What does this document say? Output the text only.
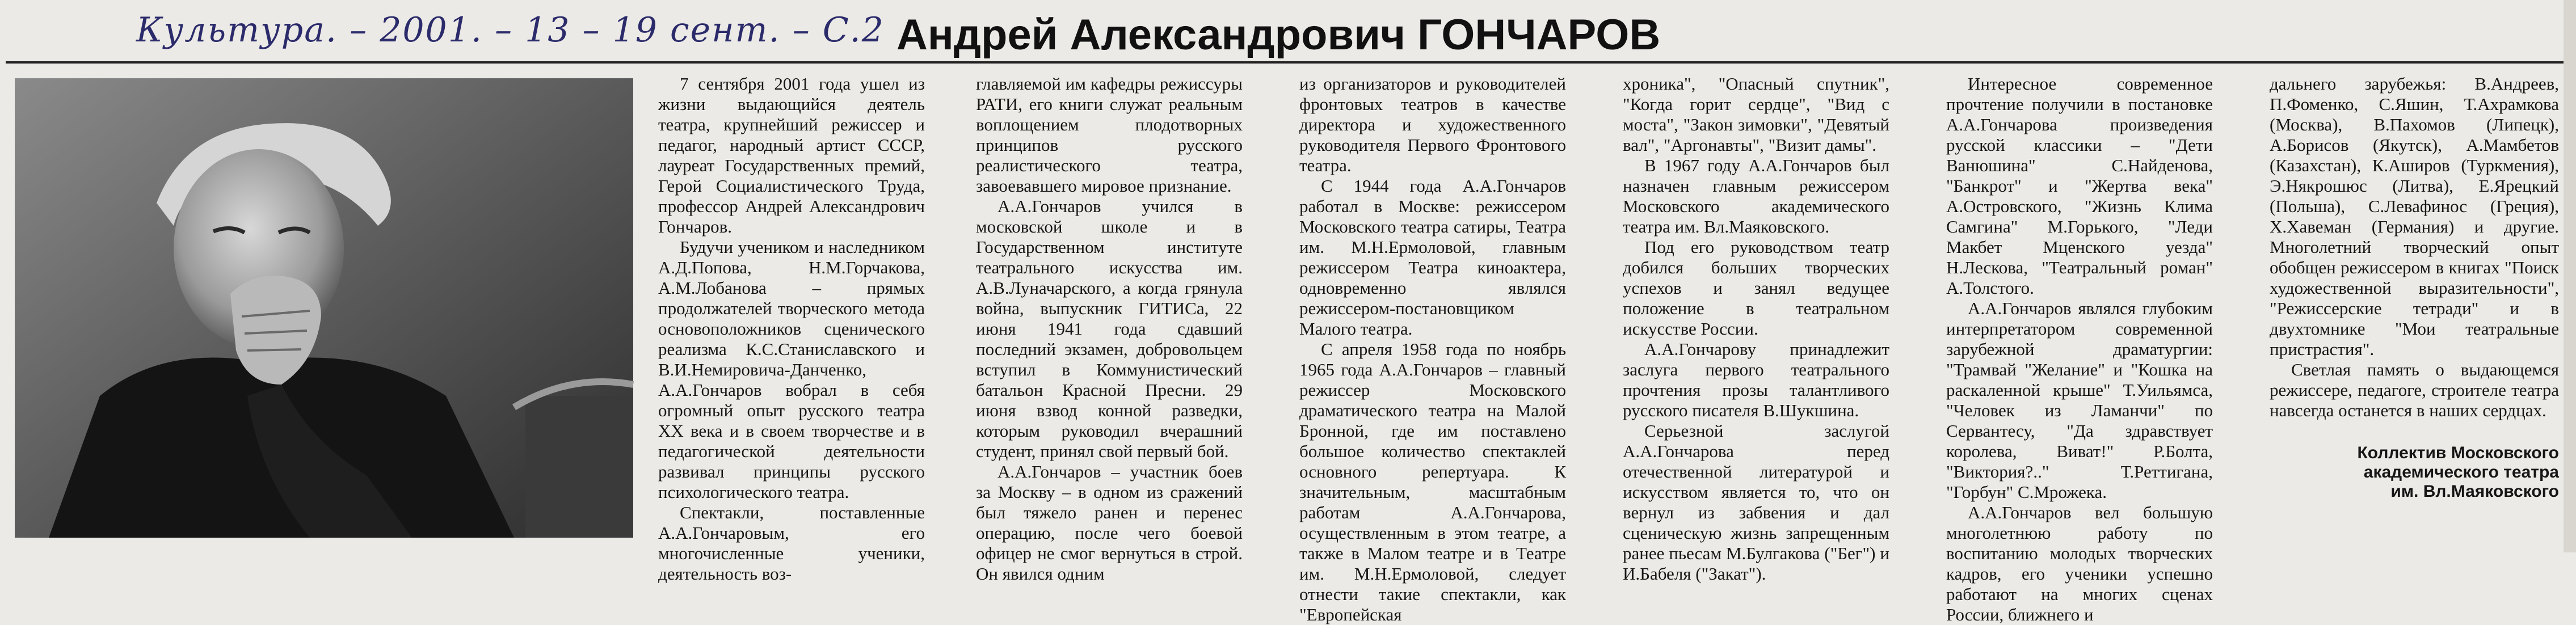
Культура. – 2001. – 13 – 19 сент. – С.2 Андрей Александрович ГОНЧАРОВ

7 сентября 2001 года ушел из жизни выдающийся деятель театра, крупнейший режиссер и педагог, народный артист СССР, лауреат Государственных премий, Герой Социалистического Труда, профессор Андрей Александрович Гончаров.

Будучи учеником и наследником А.Д.Попова, Н.М.Горчакова, А.М.Лобанова – прямых продолжателей творческого метода основоположников сценического реализма К.С.Станиславского и В.И.Немировича-Данченко, А.А.Гончаров вобрал в себя огромный опыт русского театра XX века и в своем творчестве и в педагогической деятельности развивал принципы русского психологического театра.

Спектакли, поставленные А.А.Гончаровым, его многочисленные ученики, деятельность воз-

главляемой им кафедры режиссуры РАТИ, его книги служат реальным воплощением плодотворных принципов русского реалистического театра, завоевавшего мировое признание.

А.А.Гончаров учился в московской школе и в Государственном институте театрального искусства им. А.В.Луначарского, а когда грянула война, выпускник ГИТИСа, 22 июня 1941 года сдавший последний экзамен, добровольцем вступил в Коммунистический батальон Красной Пресни. 29 июня взвод конной разведки, которым руководил вчерашний студент, принял свой первый бой.

А.А.Гончаров – участник боев за Москву – в одном из сражений был тяжело ранен и перенес операцию, после чего боевой офицер не смог вернуться в строй. Он явился одним

из организаторов и руководителей фронтовых театров в качестве директора и художественного руководителя Первого Фронтового театра.

С 1944 года А.А.Гончаров работал в Москве: режиссером Московского театра сатиры, Театра им. М.Н.Ермоловой, главным режиссером Театра киноактера, одновременно являлся режиссером-постановщиком Малого театра.

С апреля 1958 года по ноябрь 1965 года А.А.Гончаров – главный режиссер Московского драматического театра на Малой Бронной, где им поставлено большое количество спектаклей основного репертуара. К значительным, масштабным работам А.А.Гончарова, осуществленным в этом театре, а также в Малом театре и в Театре им. М.Н.Ермоловой, следует отнести такие спектакли, как "Европейская

хроника", "Опасный спутник", "Когда горит сердце", "Вид с моста", "Закон зимовки", "Девятый вал", "Аргонавты", "Визит дамы".

В 1967 году А.А.Гончаров был назначен главным режиссером Московского академического театра им. Вл.Маяковского.

Под его руководством театр добился больших творческих успехов и занял ведущее положение в театральном искусстве России.

А.А.Гончарову принадлежит заслуга первого театрального прочтения прозы талантливого русского писателя В.Шукшина.

Серьезной заслугой А.А.Гончарова перед отечественной литературой и искусством является то, что он вернул из забвения и дал сценическую жизнь запрещенным ранее пьесам М.Булгакова ("Бег") и И.Бабеля ("Закат").

Интересное современное прочтение получили в постановке А.А.Гончарова произведения русской классики – "Дети Ванюшина" С.Найденова, "Банкрот" и "Жертва века" А.Островского, "Жизнь Клима Самгина" М.Горького, "Леди Макбет Мценского уезда" Н.Лескова, "Театральный роман" А.Толстого.

А.А.Гончаров являлся глубоким интерпретатором современной зарубежной драматургии: "Трамвай "Желание" и "Кошка на раскаленной крыше" Т.Уильямса, "Человек из Ламанчи" по Сервантесу, "Да здравствует королева, Виват!" Р.Болта, "Виктория?.." Т.Реттигана, "Горбун" С.Мрожека.

А.А.Гончаров вел большую многолетнюю работу по воспитанию молодых творческих кадров, его ученики успешно работают на многих сценах России, ближнего и

дальнего зарубежья: В.Андреев, П.Фоменко, С.Яшин, Т.Ахрамкова (Москва), В.Пахомов (Липецк), А.Борисов (Якутск), А.Мамбетов (Казахстан), К.Аширов (Туркмения), Э.Някрошюс (Литва), Е.Ярецкий (Польша), С.Левафинос (Греция), Х.Хавеман (Германия) и другие. Многолетний творческий опыт обобщен режиссером в книгах "Поиск художественной выразительности", "Режиссерские тетради" и в двухтомнике "Мои театральные пристрастия".

Светлая память о выдающемся режиссере, педагоге, строителе театра навсегда останется в наших сердцах.

Коллектив Московского
академического театра
им. Вл.Маяковского
